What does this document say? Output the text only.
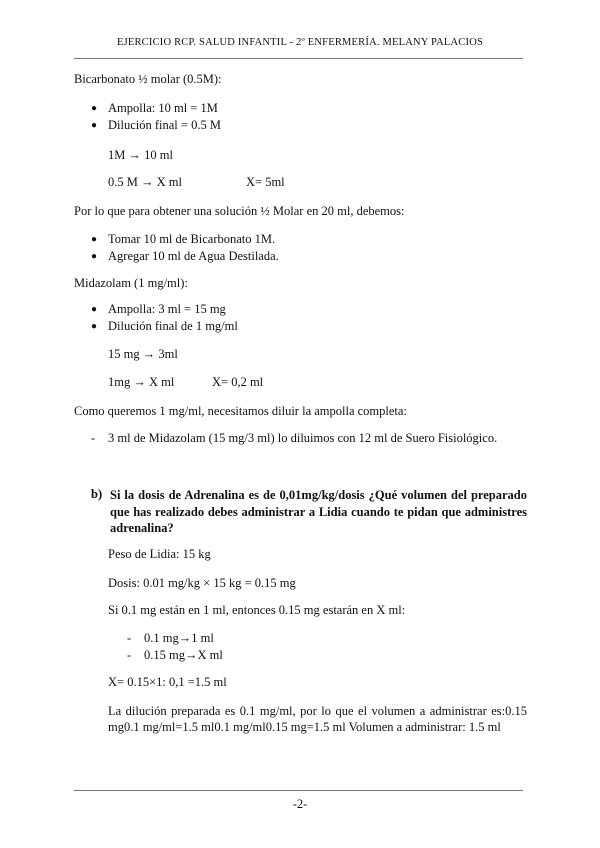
EJERCICIO RCP. SALUD INFANTIL - 2º ENFERMERÍA. MELANY PALACIOS
Bicarbonato ½ molar (0.5M):
● Ampolla: 10 ml = 1M
● Dilución final = 0.5 M
1M → 10 ml
0.5 M → X ml	X= 5ml
Por lo que para obtener una solución ½ Molar en 20 ml, debemos:
● Tomar 10 ml de Bicarbonato 1M.
● Agregar 10 ml de Agua Destilada.
Midazolam (1 mg/ml):
● Ampolla: 3 ml = 15 mg
● Dilución final de 1 mg/ml
15 mg → 3ml
1mg → X ml	X= 0,2 ml
Como queremos 1 mg/ml, necesitamos diluir la ampolla completa:
- 3 ml de Midazolam (15 mg/3 ml) lo diluimos con 12 ml de Suero Fisiológico.
b) Si la dosis de Adrenalina es de 0,01mg/kg/dosis ¿Qué volumen del preparado que has realizado debes administrar a Lidia cuando te pidan que administres adrenalina?
Peso de Lidia: 15 kg
Dosis: 0.01 mg/kg × 15 kg = 0.15 mg
Si 0.1 mg están en 1 ml, entonces 0.15 mg estarán en X ml:
- 0.1 mg→1 ml
- 0.15 mg→X ml
X= 0.15×1: 0,1 =1.5 ml
La dilución preparada es 0.1 mg/ml, por lo que el volumen a administrar es:0.15 mg0.1 mg/ml=1.5 ml0.1 mg/ml0.15 mg=1.5 ml Volumen a administrar: 1.5 ml
-2-
